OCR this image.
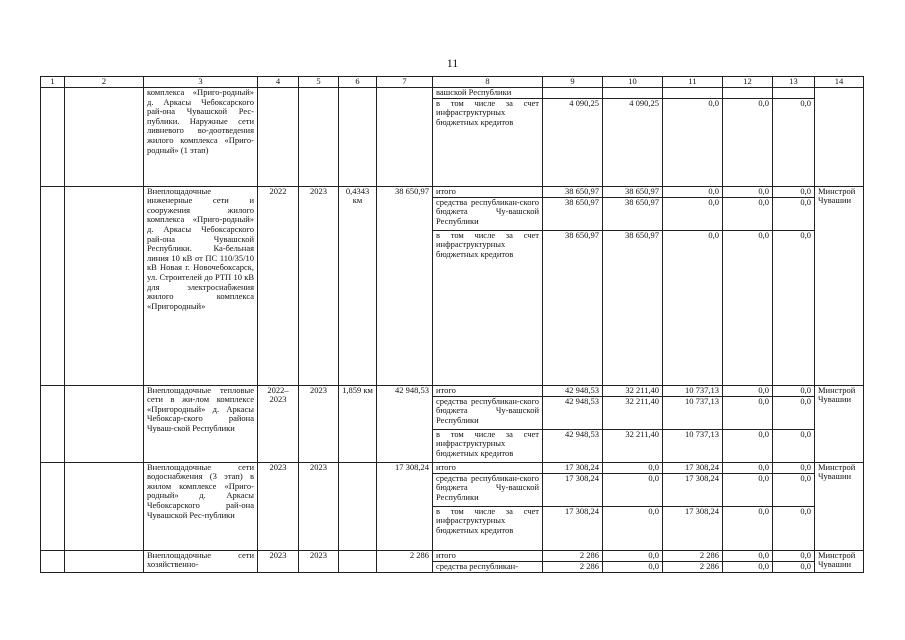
11
1	2	3	4	5	6	7	8	9	10	11	12	13	14
		комплекса «Приго-родный» д. Аркасы Чебоксарского рай-она Чувашской Рес-публики. Наружные сети ливневого во-доотведения жилого комплекса «Приго-родный» (1 этап)					вашской Республики						
							в том числе за счет инфраструктурных бюджетных кредитов	4 090,25	4 090,25	0,0	0,0	0,0	
		Внеплощадочные инженерные сети и сооружения жилого комплекса «Приго-родный» д. Аркасы Чебоксарского рай-она Чувашской Республики. Ка-бельная линия 10 кВ от ПС 110/35/10 кВ Новая г. Новочебоксарск, ул. Строителей до РТП 10 кВ для электроснабжения жилого комплекса «Пригородный»	2022	2023	0,4343 км	38 650,97	итого	38 650,97	38 650,97	0,0	0,0	0,0	Минстрой Чувашии
							средства республикан-ского бюджета Чу-вашской Республики	38 650,97	38 650,97	0,0	0,0	0,0	
							в том числе за счет инфраструктурных бюджетных кредитов	38 650,97	38 650,97	0,0	0,0	0,0	
		Внеплощадочные тепловые сети в жи-лом комплексе «Пригородный» д. Аркасы Чебоксар-ского района Чуваш-ской Республики	2022–2023	2023	1,859 км	42 948,53	итого	42 948,53	32 211,40	10 737,13	0,0	0,0	Минстрой Чувашии
							средства республикан-ского бюджета Чу-вашской Республики	42 948,53	32 211,40	10 737,13	0,0	0,0	
							в том числе за счет инфраструктурных бюджетных кредитов	42 948,53	32 211,40	10 737,13	0,0	0,0	
		Внеплощадочные сети водоснабжения (3 этап) в жилом комплексе «Приго-родный» д. Аркасы Чебоксарского рай-она Чувашской Рес-публики	2023	2023		17 308,24	итого	17 308,24	0,0	17 308,24	0,0	0,0	Минстрой Чувашии
							средства республикан-ского бюджета Чу-вашской Республики	17 308,24	0,0	17 308,24	0,0	0,0	
							в том числе за счет инфраструктурных бюджетных кредитов	17 308,24	0,0	17 308,24	0,0	0,0	
		Внеплощадочные сети хозяйственно-	2023	2023		2 286	итого	2 286	0,0	2 286	0,0	0,0	Минстрой Чувашии
							средства республикан-	2 286	0,0	2 286	0,0	0,0	
